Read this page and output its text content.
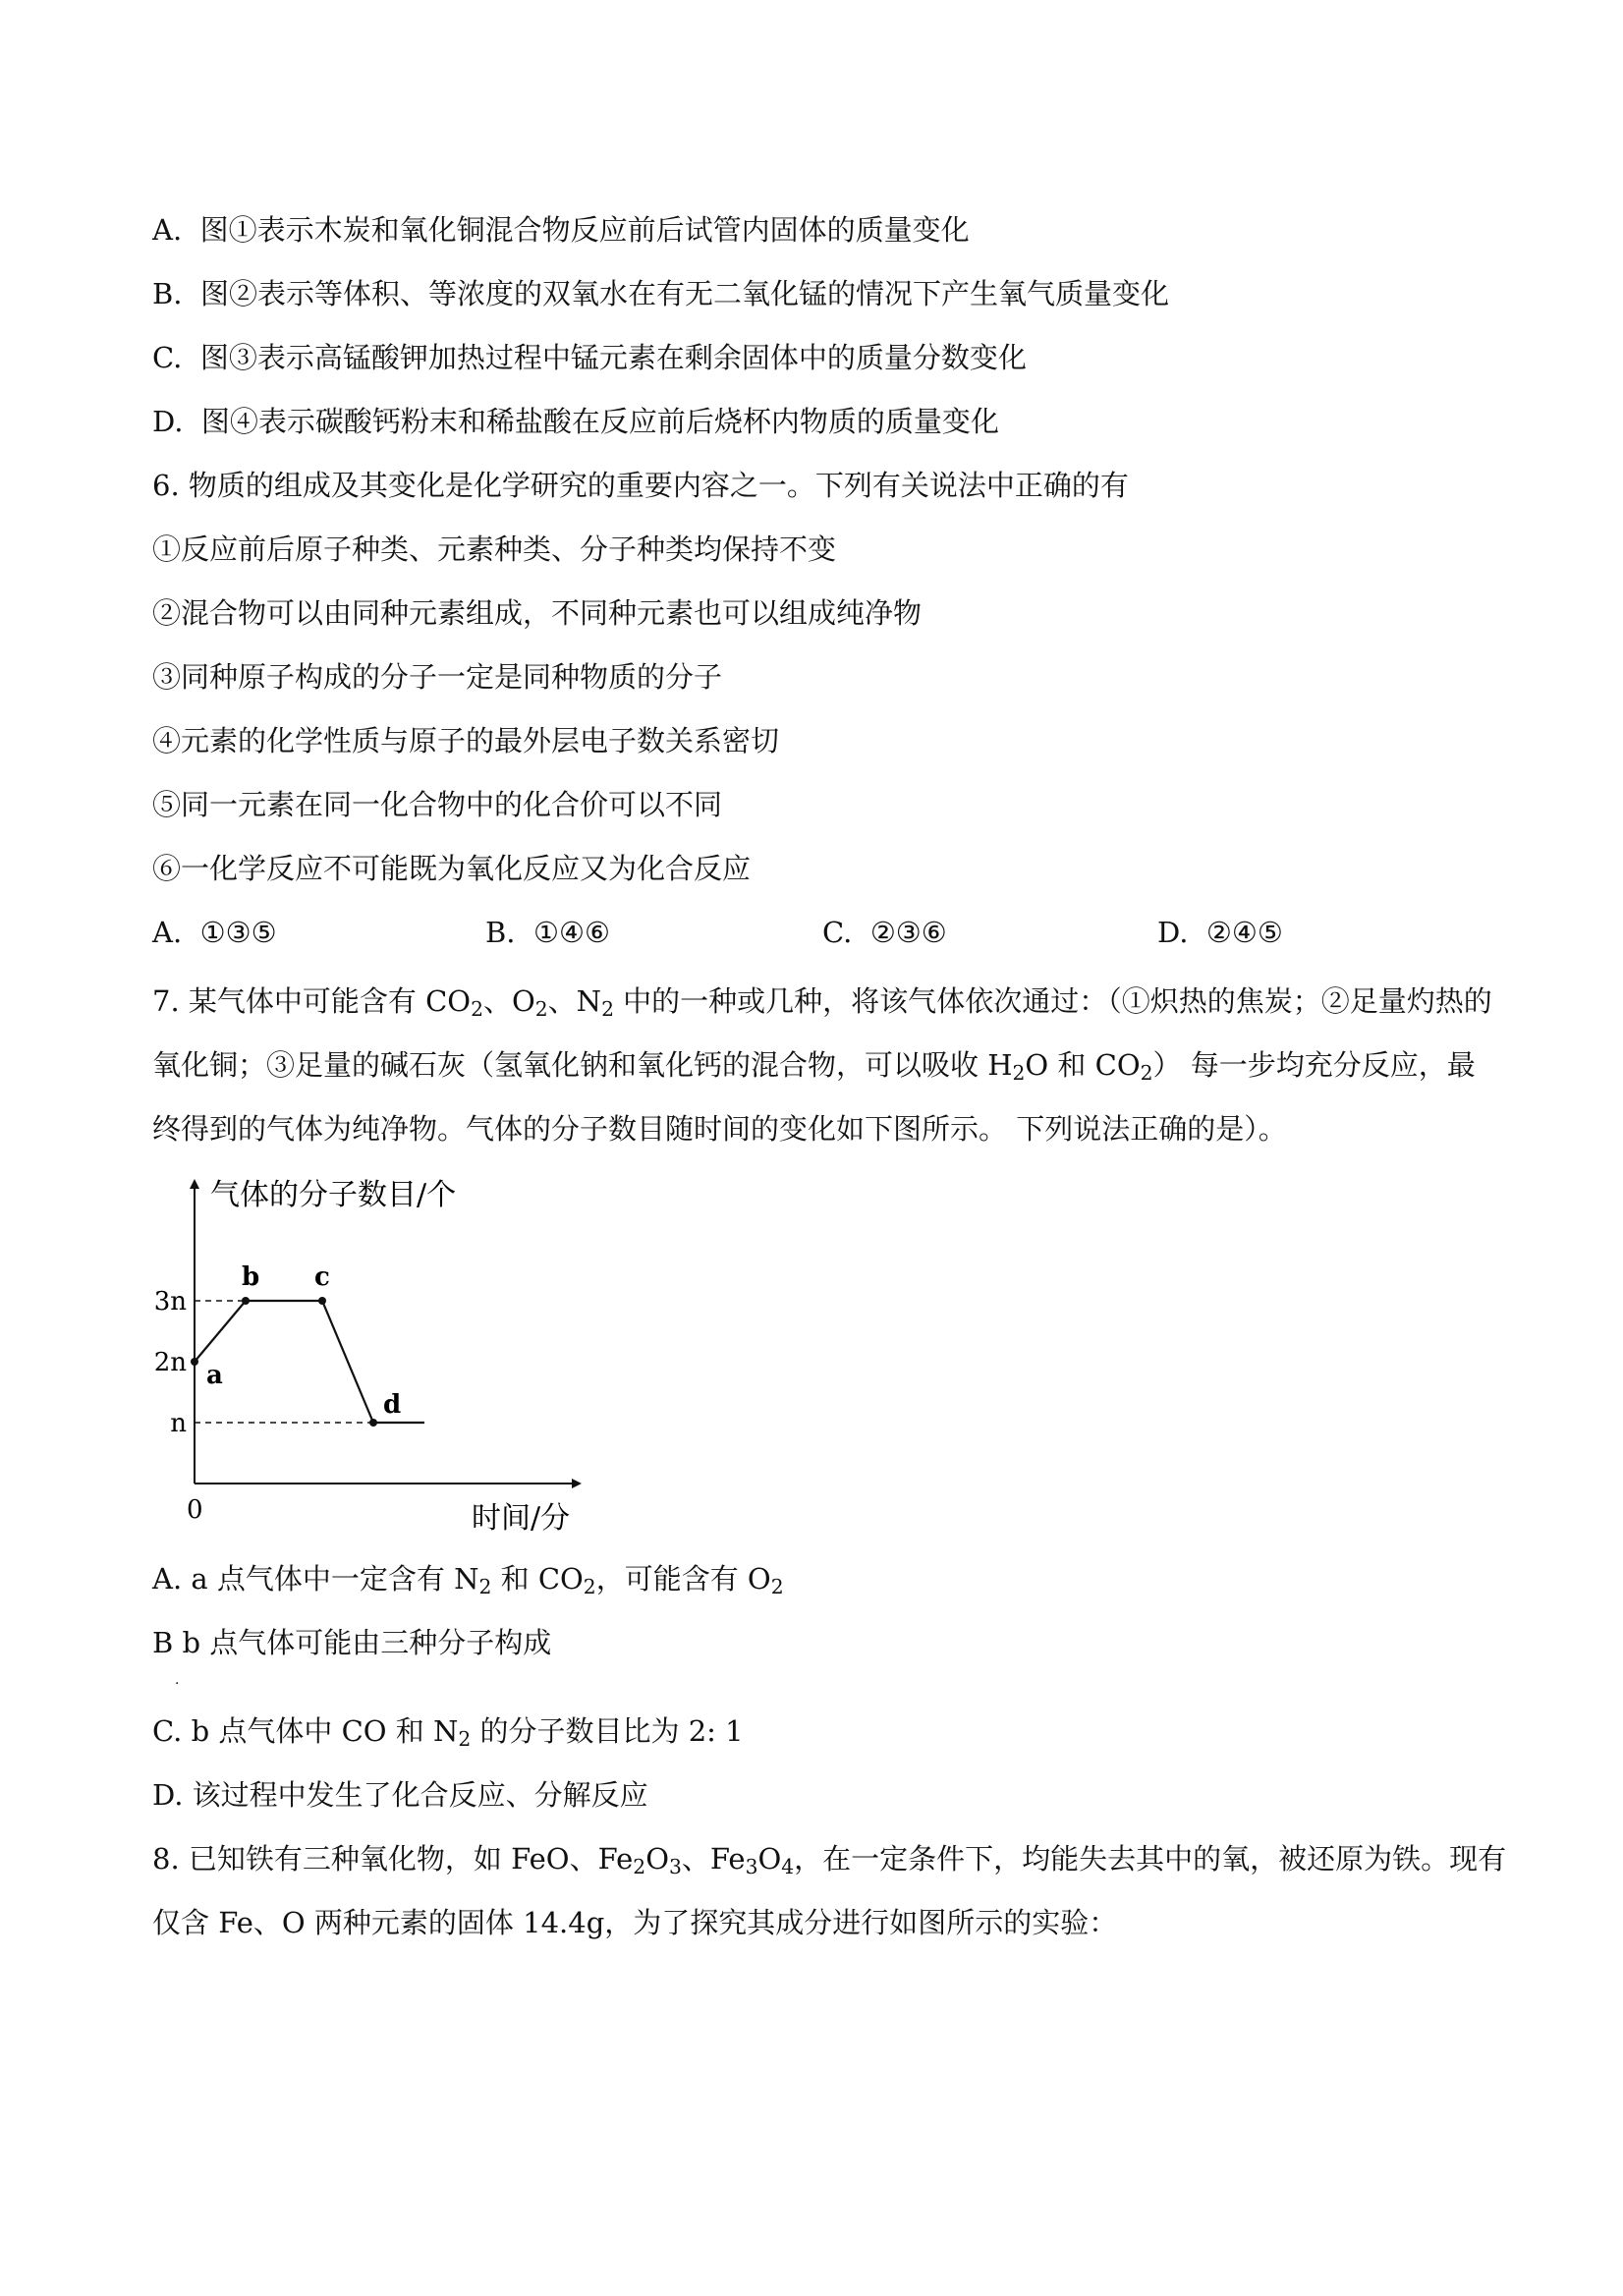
A. 图①表示木炭和氧化铜混合物反应前后试管内固体的质量变化
B. 图②表示等体积、等浓度的双氧水在有无二氧化锰的情况下产生氧气质量变化
C. 图③表示高锰酸钾加热过程中锰元素在剩余固体中的质量分数变化
D. 图④表示碳酸钙粉末和稀盐酸在反应前后烧杯内物质的质量变化
6. 物质的组成及其变化是化学研究的重要内容之一。下列有关说法中正确的有
①反应前后原子种类、元素种类、分子种类均保持不变
②混合物可以由同种元素组成，不同种元素也可以组成纯净物
③同种原子构成的分子一定是同种物质的分子
④元素的化学性质与原子的最外层电子数关系密切
⑤同一元素在同一化合物中的化合价可以不同
⑥一化学反应不可能既为氧化反应又为化合反应
A. ①③⑤	B. ①④⑥	C. ②③⑥	D. ②④⑤
7. 某气体中可能含有 $CO_2$、$O_2$、$N_2$ 中的一种或几种，将该气体依次通过：（①炽热的焦炭；②足量灼热的
氧化铜；③足量的碱石灰（氢氧化钠和氧化钙的混合物，可以吸收 $H_2O$ 和 $CO_2$） 每一步均充分反应，最
终得到的气体为纯净物。气体的分子数目随时间的变化如下图所示。 下列说法正确的是）。
气体的分子数目/个
时间/分
0
3n
2n
n
a
b c
d
A. a 点气体中一定含有 $N_2$ 和 $CO_2$，可能含有 $O_2$
B b 点气体可能由三种分子构成
·
C. b 点气体中 CO 和 $N_2$ 的分子数目比为 2: 1
D. 该过程中发生了化合反应、分解反应
8. 已知铁有三种氧化物，如 FeO、$Fe_2O_3$、$Fe_3O_4$，在一定条件下，均能失去其中的氧，被还原为铁。现有
仅含 Fe、O 两种元素的固体 14.4g，为了探究其成分进行如图所示的实验：
